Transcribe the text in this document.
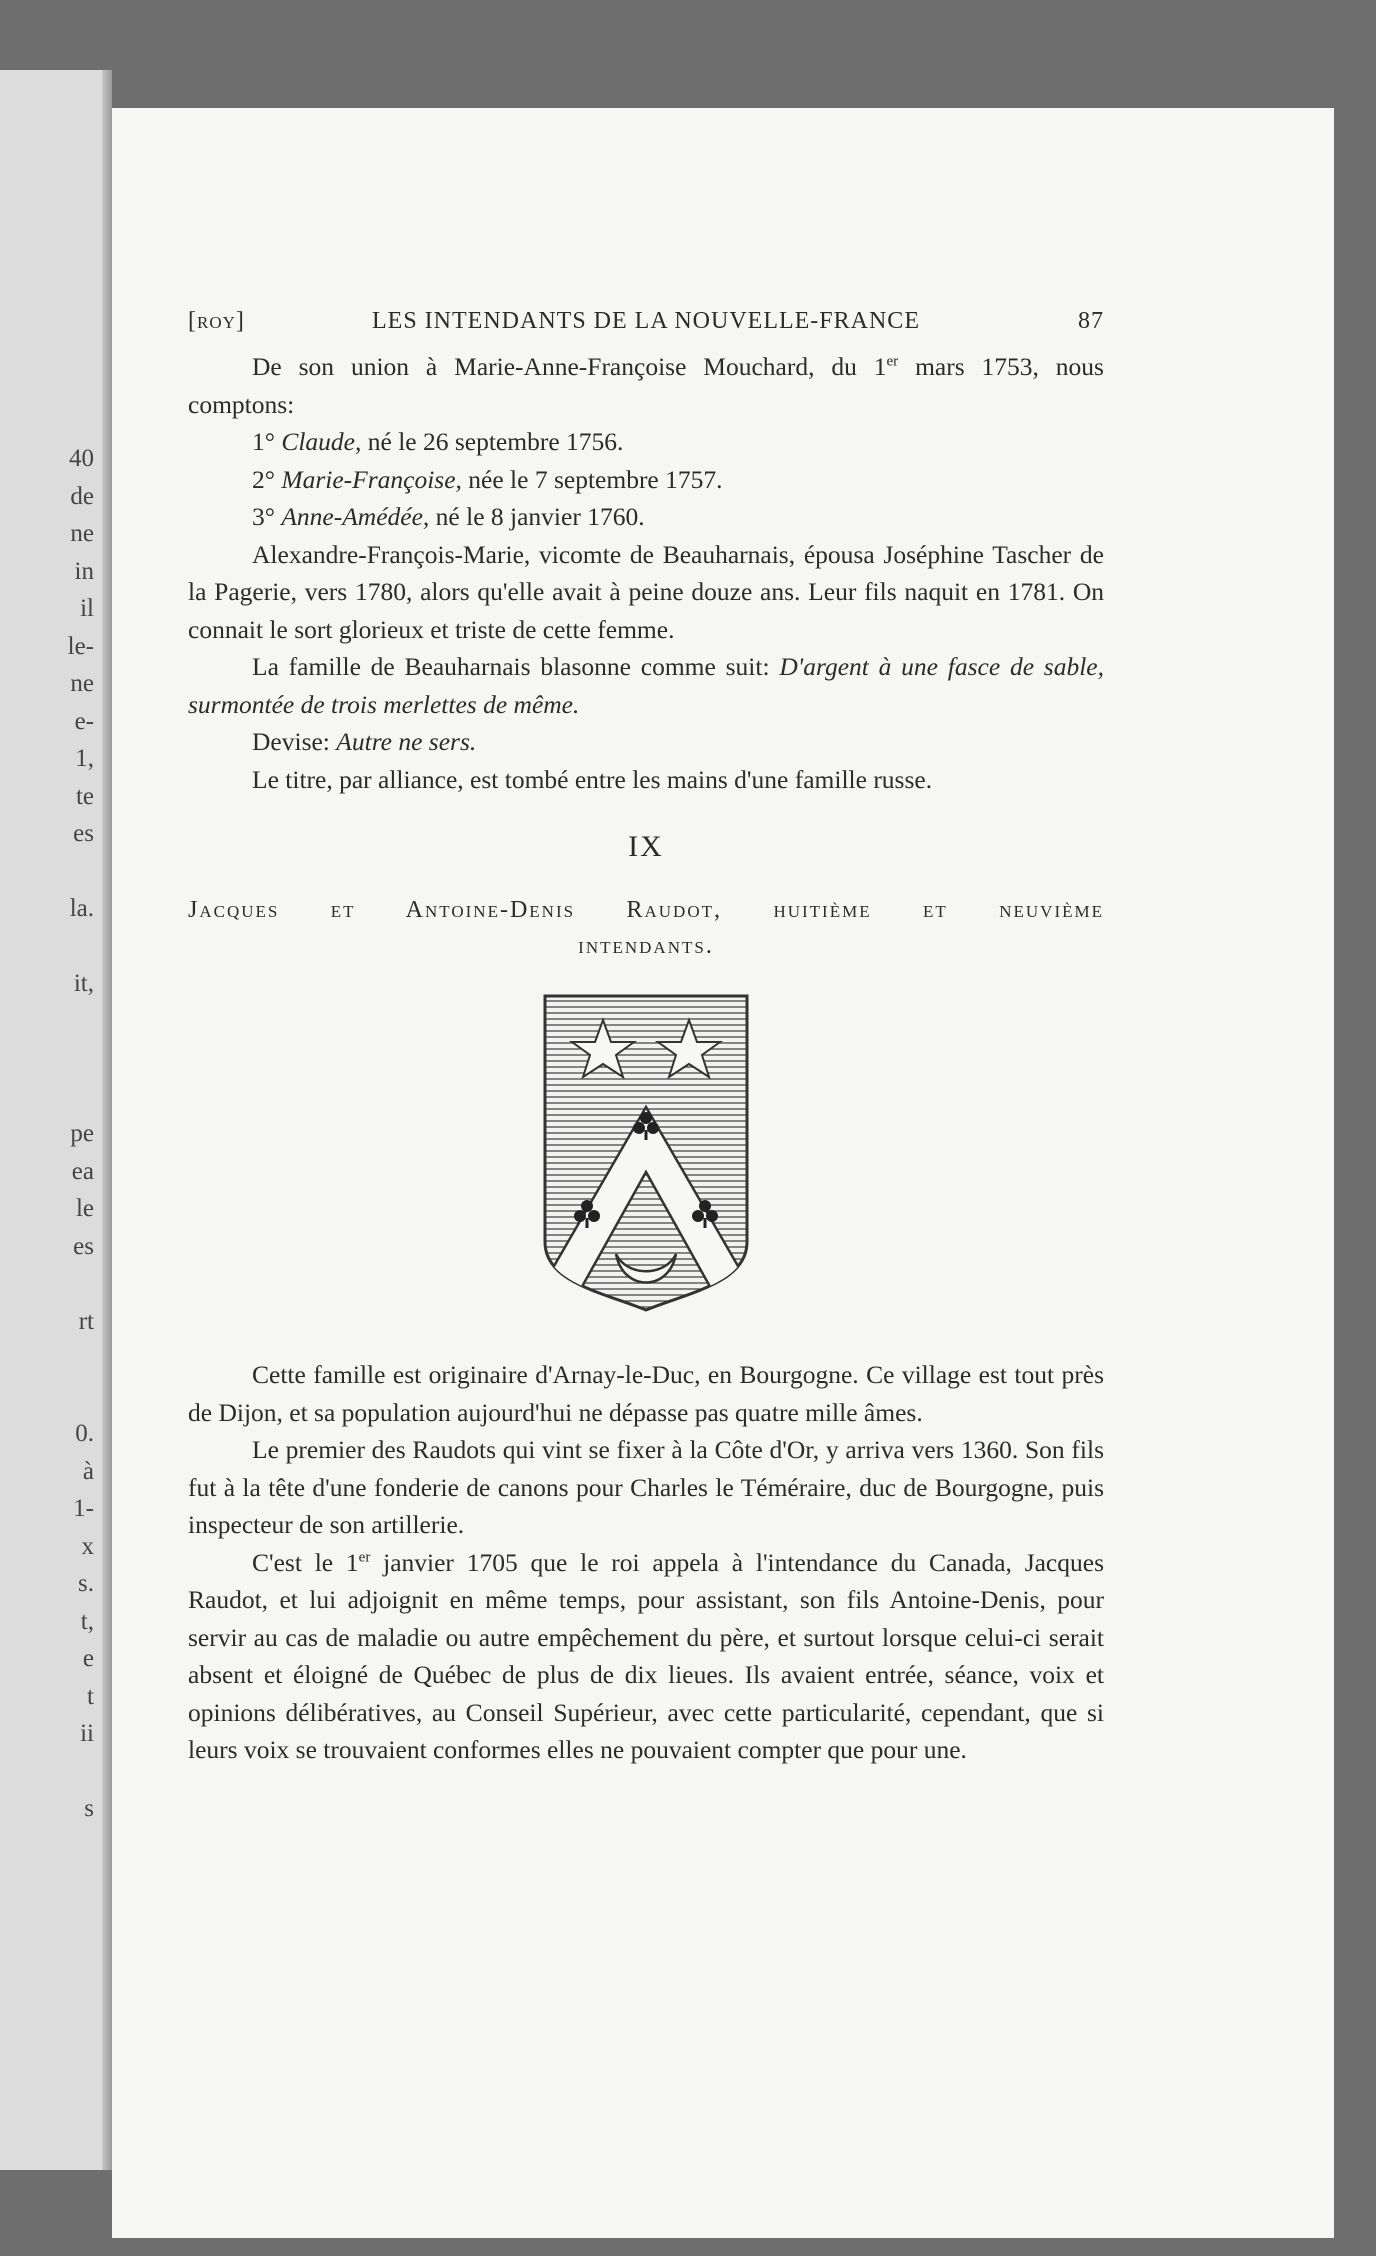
40
de
ne
in
il
le-
ne
e-
1,
te
es
la.
it,
pe
ea
le
es
rt
0.
à
1-
x
s.
t,
e
t
ii
s
[roy]	LES INTENDANTS DE LA NOUVELLE-FRANCE	87

De son union à Marie-Anne-Françoise Mouchard, du 1er mars 1753, nous comptons:

1° Claude, né le 26 septembre 1756.
2° Marie-Françoise, née le 7 septembre 1757.
3° Anne-Amédée, né le 8 janvier 1760.

Alexandre-François-Marie, vicomte de Beauharnais, épousa Joséphine Tascher de la Pagerie, vers 1780, alors qu'elle avait à peine douze ans. Leur fils naquit en 1781. On connait le sort glorieux et triste de cette femme.

La famille de Beauharnais blasonne comme suit: D'argent à une fasce de sable, surmontée de trois merlettes de même.

Devise: Autre ne sers.

Le titre, par alliance, est tombé entre les mains d'une famille russe.

IX

Jacques et Antoine-Denis Raudot, huitième et neuvième
intendants.

Cette famille est originaire d'Arnay-le-Duc, en Bourgogne. Ce village est tout près de Dijon, et sa population aujourd'hui ne dépasse pas quatre mille âmes.

Le premier des Raudots qui vint se fixer à la Côte d'Or, y arriva vers 1360. Son fils fut à la tête d'une fonderie de canons pour Charles le Téméraire, duc de Bourgogne, puis inspecteur de son artillerie.

C'est le 1er janvier 1705 que le roi appela à l'intendance du Canada, Jacques Raudot, et lui adjoignit en même temps, pour assistant, son fils Antoine-Denis, pour servir au cas de maladie ou autre empêchement du père, et surtout lorsque celui-ci serait absent et éloigné de Québec de plus de dix lieues. Ils avaient entrée, séance, voix et opinions délibératives, au Conseil Supérieur, avec cette particularité, cependant, que si leurs voix se trouvaient conformes elles ne pouvaient compter que pour une.
